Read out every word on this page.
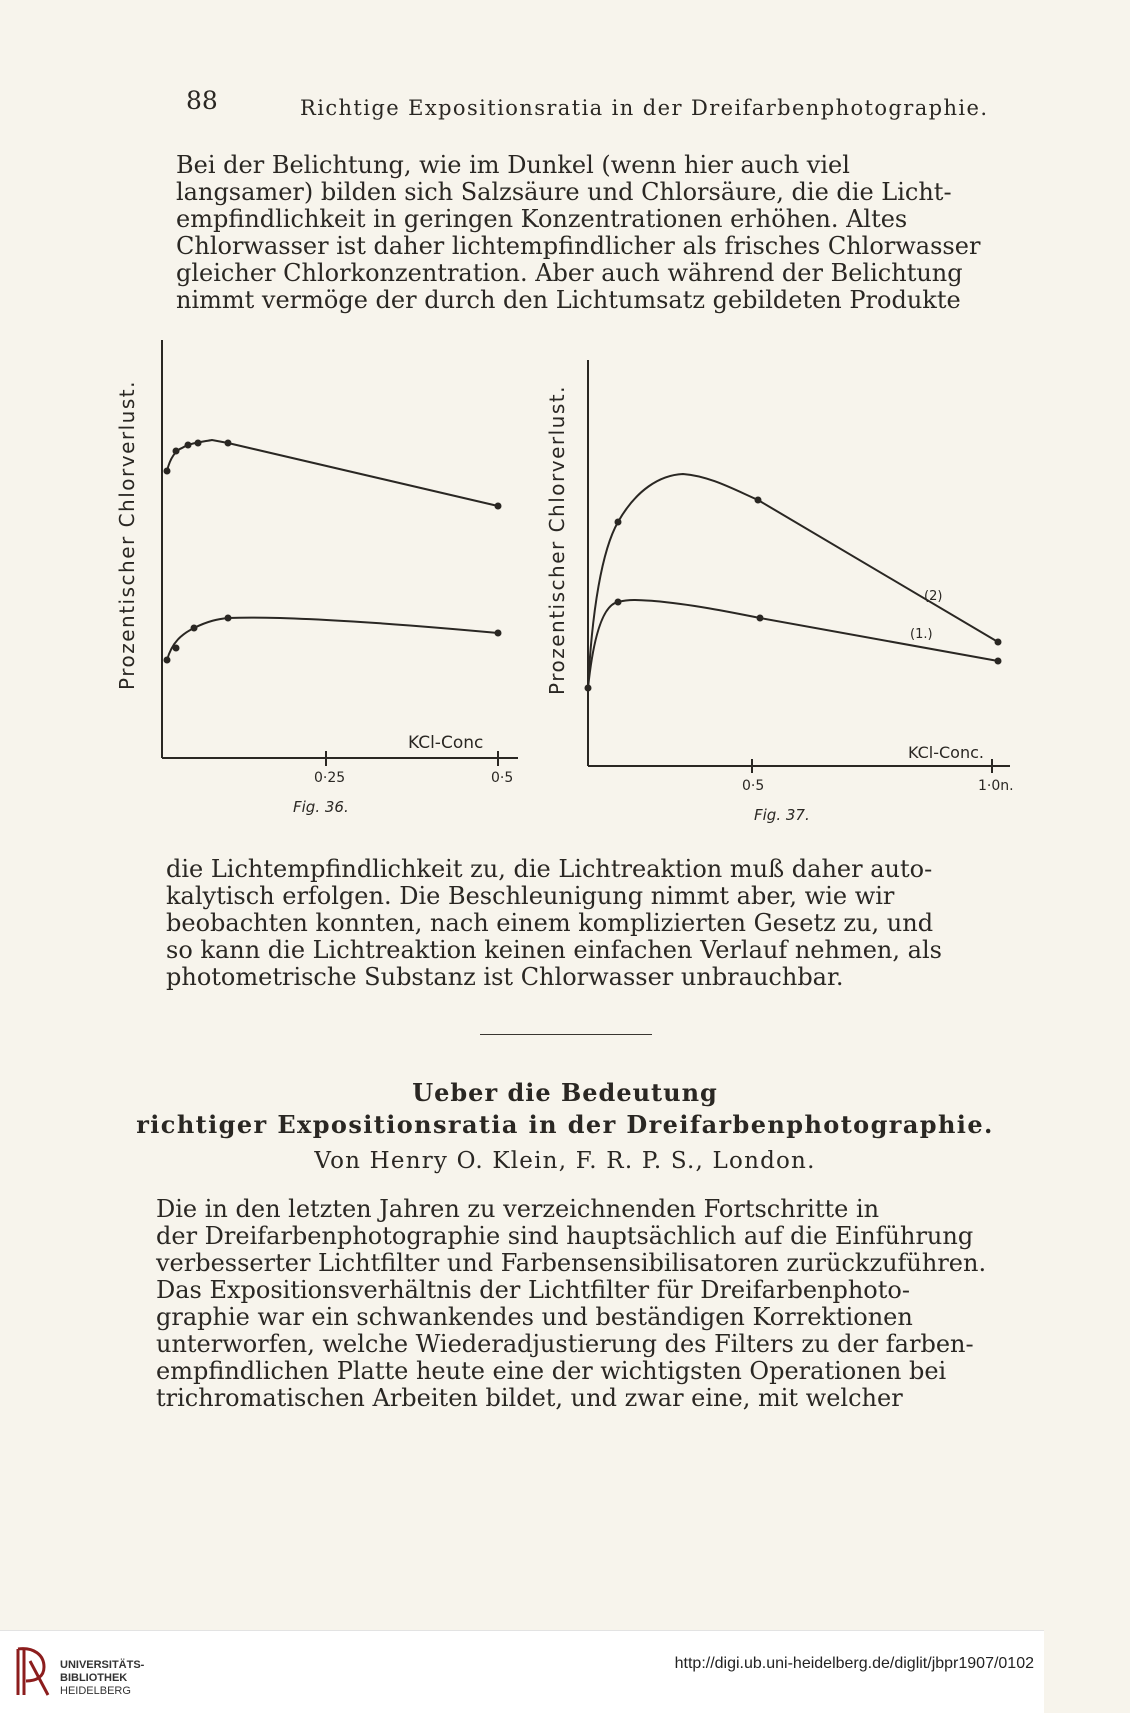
88	Richtige Expositionsratia in der Dreifarbenphotographie.
Bei der Belichtung, wie im Dunkel (wenn hier auch viel
langsamer) bilden sich Salzsäure und Chlorsäure, die die Licht-
empfindlichkeit in geringen Konzentrationen erhöhen. Altes
Chlorwasser ist daher lichtempfindlicher als frisches Chlorwasser
gleicher Chlorkonzentration. Aber auch während der Belichtung
nimmt vermöge der durch den Lichtumsatz gebildeten Produkte
Prozentischer Chlorverlust.
KCl-Conc
0·25	0·5
Fig. 36.
(2)
(1.)
Prozentischer Chlorverlust.
KCl-Conc.
0·5	1·0n.
Fig. 37.
die Lichtempfindlichkeit zu, die Lichtreaktion muß daher auto-
kalytisch erfolgen. Die Beschleunigung nimmt aber, wie wir
beobachten konnten, nach einem komplizierten Gesetz zu, und
so kann die Lichtreaktion keinen einfachen Verlauf nehmen, als
photometrische Substanz ist Chlorwasser unbrauchbar.
Ueber die Bedeutung
richtiger Expositionsratia in der Dreifarbenphotographie.
Von Henry O. Klein, F. R. P. S., London.
Die in den letzten Jahren zu verzeichnenden Fortschritte in
der Dreifarbenphotographie sind hauptsächlich auf die Einführung
verbesserter Lichtfilter und Farbensensibilisatoren zurückzuführen.
Das Expositionsverhältnis der Lichtfilter für Dreifarbenphoto-
graphie war ein schwankendes und beständigen Korrektionen
unterworfen, welche Wiederadjustierung des Filters zu der farben-
empfindlichen Platte heute eine der wichtigsten Operationen bei
trichromatischen Arbeiten bildet, und zwar eine, mit welcher
UNIVERSITÄTS-
BIBLIOTHEK
HEIDELBERG
http://digi.ub.uni-heidelberg.de/diglit/jbpr1907/0102
